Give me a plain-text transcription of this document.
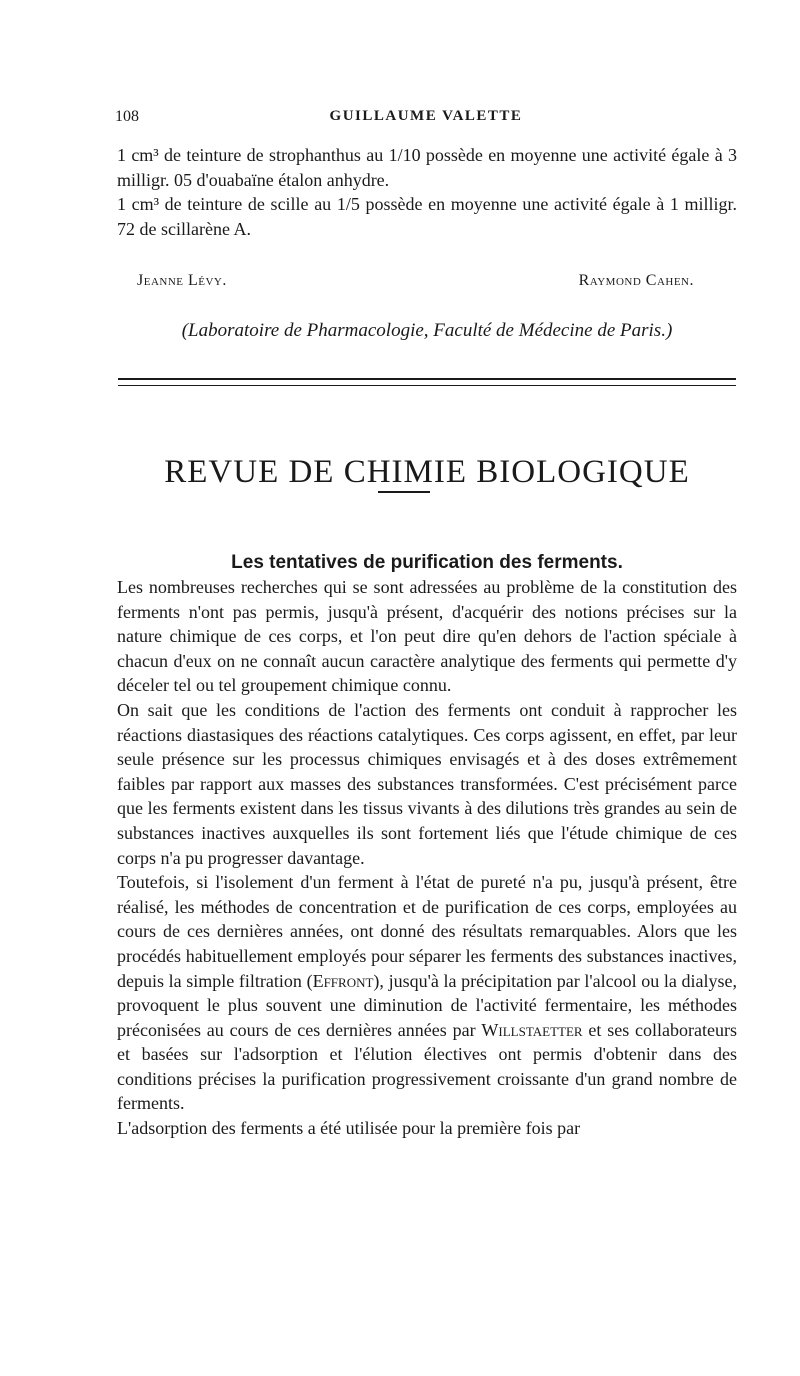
108	GUILLAUME VALETTE

1 cm³ de teinture de strophanthus au 1/10 possède en moyenne une activité égale à 3 milligr. 05 d'ouabaïne étalon anhydre.

1 cm³ de teinture de scille au 1/5 possède en moyenne une activité égale à 1 milligr. 72 de scillarène A.

Jeanne Lévy.	Raymond Cahen.
(Laboratoire de Pharmacologie, Faculté de Médecine de Paris.)
REVUE DE CHIMIE BIOLOGIQUE
Les tentatives de purification des ferments.

Les nombreuses recherches qui se sont adressées au problème de la constitution des ferments n'ont pas permis, jusqu'à présent, d'acquérir des notions précises sur la nature chimique de ces corps, et l'on peut dire qu'en dehors de l'action spéciale à chacun d'eux on ne connaît aucun caractère analytique des ferments qui permette d'y déceler tel ou tel groupement chimique connu.

On sait que les conditions de l'action des ferments ont conduit à rapprocher les réactions diastasiques des réactions catalytiques. Ces corps agissent, en effet, par leur seule présence sur les processus chimiques envisagés et à des doses extrêmement faibles par rapport aux masses des substances transformées. C'est précisément parce que les ferments existent dans les tissus vivants à des dilutions très grandes au sein de substances inactives auxquelles ils sont fortement liés que l'étude chimique de ces corps n'a pu progresser davantage.

Toutefois, si l'isolement d'un ferment à l'état de pureté n'a pu, jusqu'à présent, être réalisé, les méthodes de concentration et de purification de ces corps, employées au cours de ces dernières années, ont donné des résultats remarquables. Alors que les procédés habituellement employés pour séparer les ferments des substances inactives, depuis la simple filtration (Effront), jusqu'à la précipitation par l'alcool ou la dialyse, provoquent le plus souvent une diminution de l'activité fermentaire, les méthodes préconisées au cours de ces dernières années par Willstaetter et ses collaborateurs et basées sur l'adsorption et l'élution électives ont permis d'obtenir dans des conditions précises la purification progressivement croissante d'un grand nombre de ferments.

L'adsorption des ferments a été utilisée pour la première fois par
